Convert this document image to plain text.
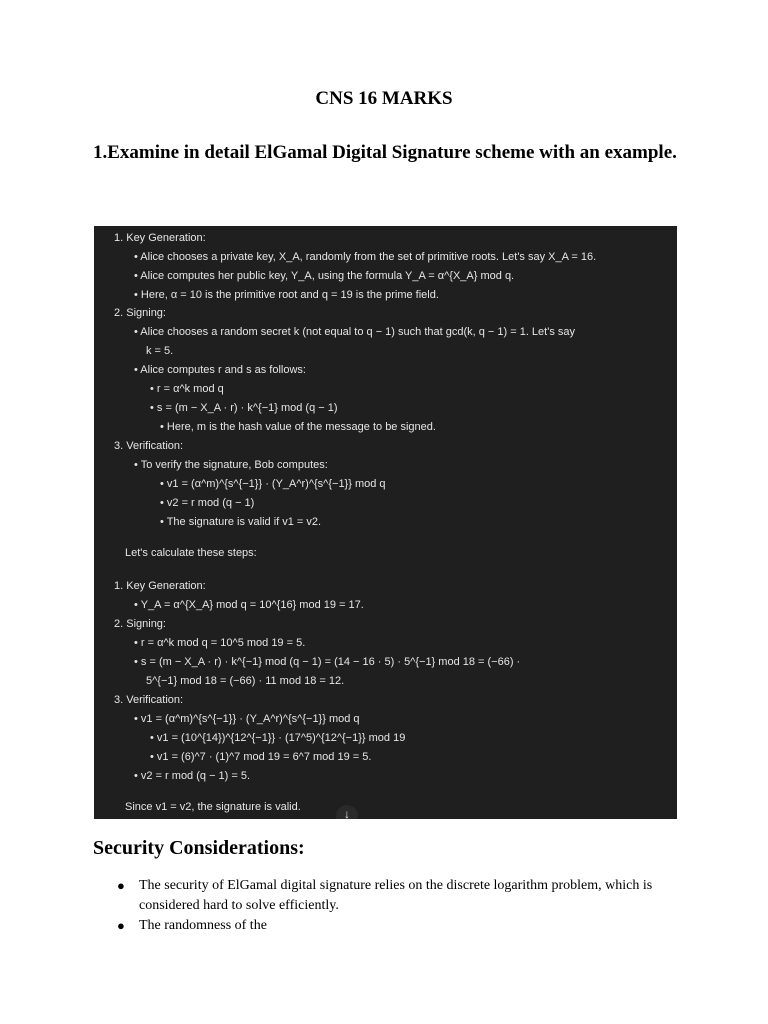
CNS 16 MARKS
1.Examine in detail ElGamal Digital Signature scheme with an example.
1. Key Generation:
• Alice chooses a private key, X_A, randomly from the set of primitive roots. Let's say X_A = 16.
• Alice computes her public key, Y_A, using the formula Y_A = α^{X_A} mod q.
• Here, α = 10 is the primitive root and q = 19 is the prime field.
2. Signing:
• Alice chooses a random secret k (not equal to q − 1) such that gcd(k, q − 1) = 1. Let's say
k = 5.
• Alice computes r and s as follows:
• r = α^k mod q
• s = (m − X_A · r) · k^{−1} mod (q − 1)
• Here, m is the hash value of the message to be signed.
3. Verification:
• To verify the signature, Bob computes:
• v1 = (α^m)^{s^{−1}} · (Y_A^r)^{s^{−1}} mod q
• v2 = r mod (q − 1)
• The signature is valid if v1 = v2.
Let's calculate these steps:
1. Key Generation:
• Y_A = α^{X_A} mod q = 10^{16} mod 19 = 17.
2. Signing:
• r = α^k mod q = 10^5 mod 19 = 5.
• s = (m − X_A · r) · k^{−1} mod (q − 1) = (14 − 16 · 5) · 5^{−1} mod 18 = (−66) ·
5^{−1} mod 18 = (−66) · 11 mod 18 = 12.
3. Verification:
• v1 = (α^m)^{s^{−1}} · (Y_A^r)^{s^{−1}} mod q
• v1 = (10^{14})^{12^{−1}} · (17^5)^{12^{−1}} mod 19
• v1 = (6)^7 · (1)^7 mod 19 = 6^7 mod 19 = 5.
• v2 = r mod (q − 1) = 5.
Since v1 = v2, the signature is valid.	↓
Security Considerations:
●	The security of ElGamal digital signature relies on the discrete logarithm problem, which is considered hard to solve efficiently.
●	The randomness of the
